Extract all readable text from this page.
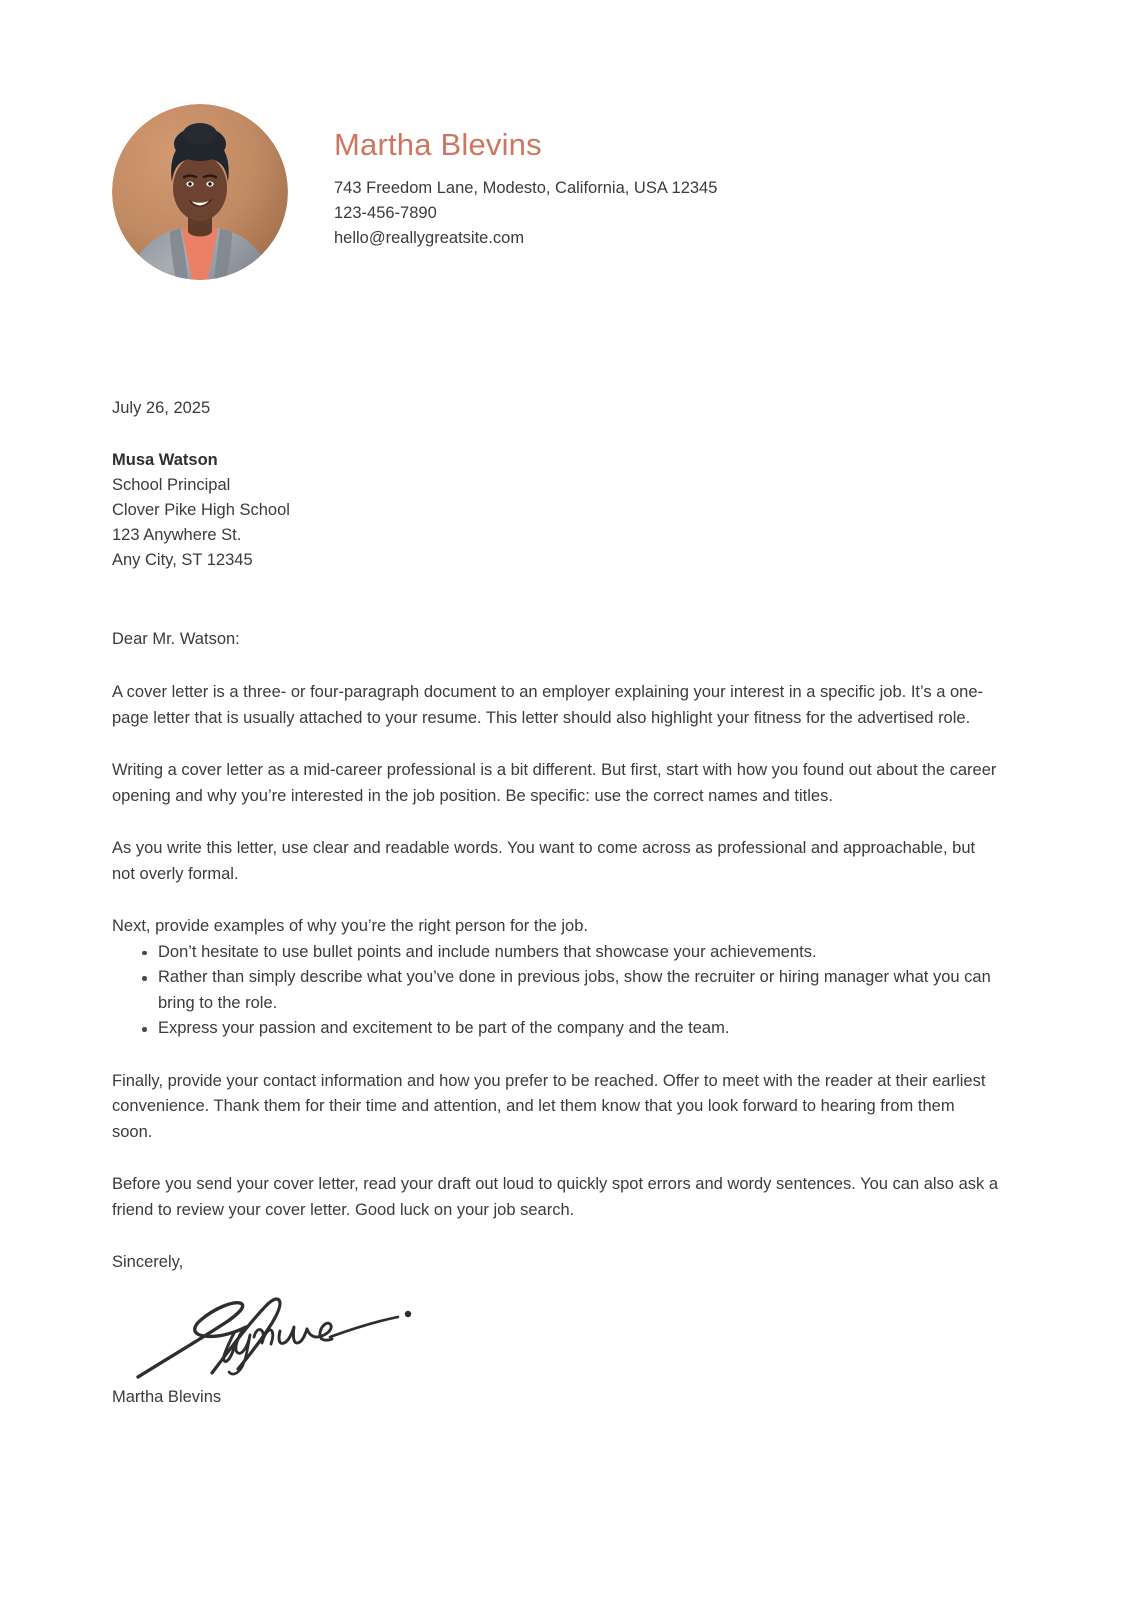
Martha Blevins
743 Freedom Lane, Modesto, California, USA 12345
123-456-7890
hello@reallygreatsite.com
July 26, 2025
Musa Watson
School Principal
Clover Pike High School
123 Anywhere St.
Any City, ST 12345
Dear Mr. Watson:

A cover letter is a three- or four-paragraph document to an employer explaining your interest in a specific job. It’s a one-page letter that is usually attached to your resume. This letter should also highlight your fitness for the advertised role.

Writing a cover letter as a mid-career professional is a bit different. But first, start with how you found out about the career opening and why you’re interested in the job position. Be specific: use the correct names and titles.

As you write this letter, use clear and readable words. You want to come across as professional and approachable, but not overly formal.

Next, provide examples of why you’re the right person for the job.

Don’t hesitate to use bullet points and include numbers that showcase your achievements.
Rather than simply describe what you’ve done in previous jobs, show the recruiter or hiring manager what you can bring to the role.
Express your passion and excitement to be part of the company and the team.

Finally, provide your contact information and how you prefer to be reached. Offer to meet with the reader at their earliest convenience. Thank them for their time and attention, and let them know that you look forward to hearing from them soon.

Before you send your cover letter, read your draft out loud to quickly spot errors and wordy sentences. You can also ask a friend to review your cover letter. Good luck on your job search.

Sincerely,
Martha Blevins
